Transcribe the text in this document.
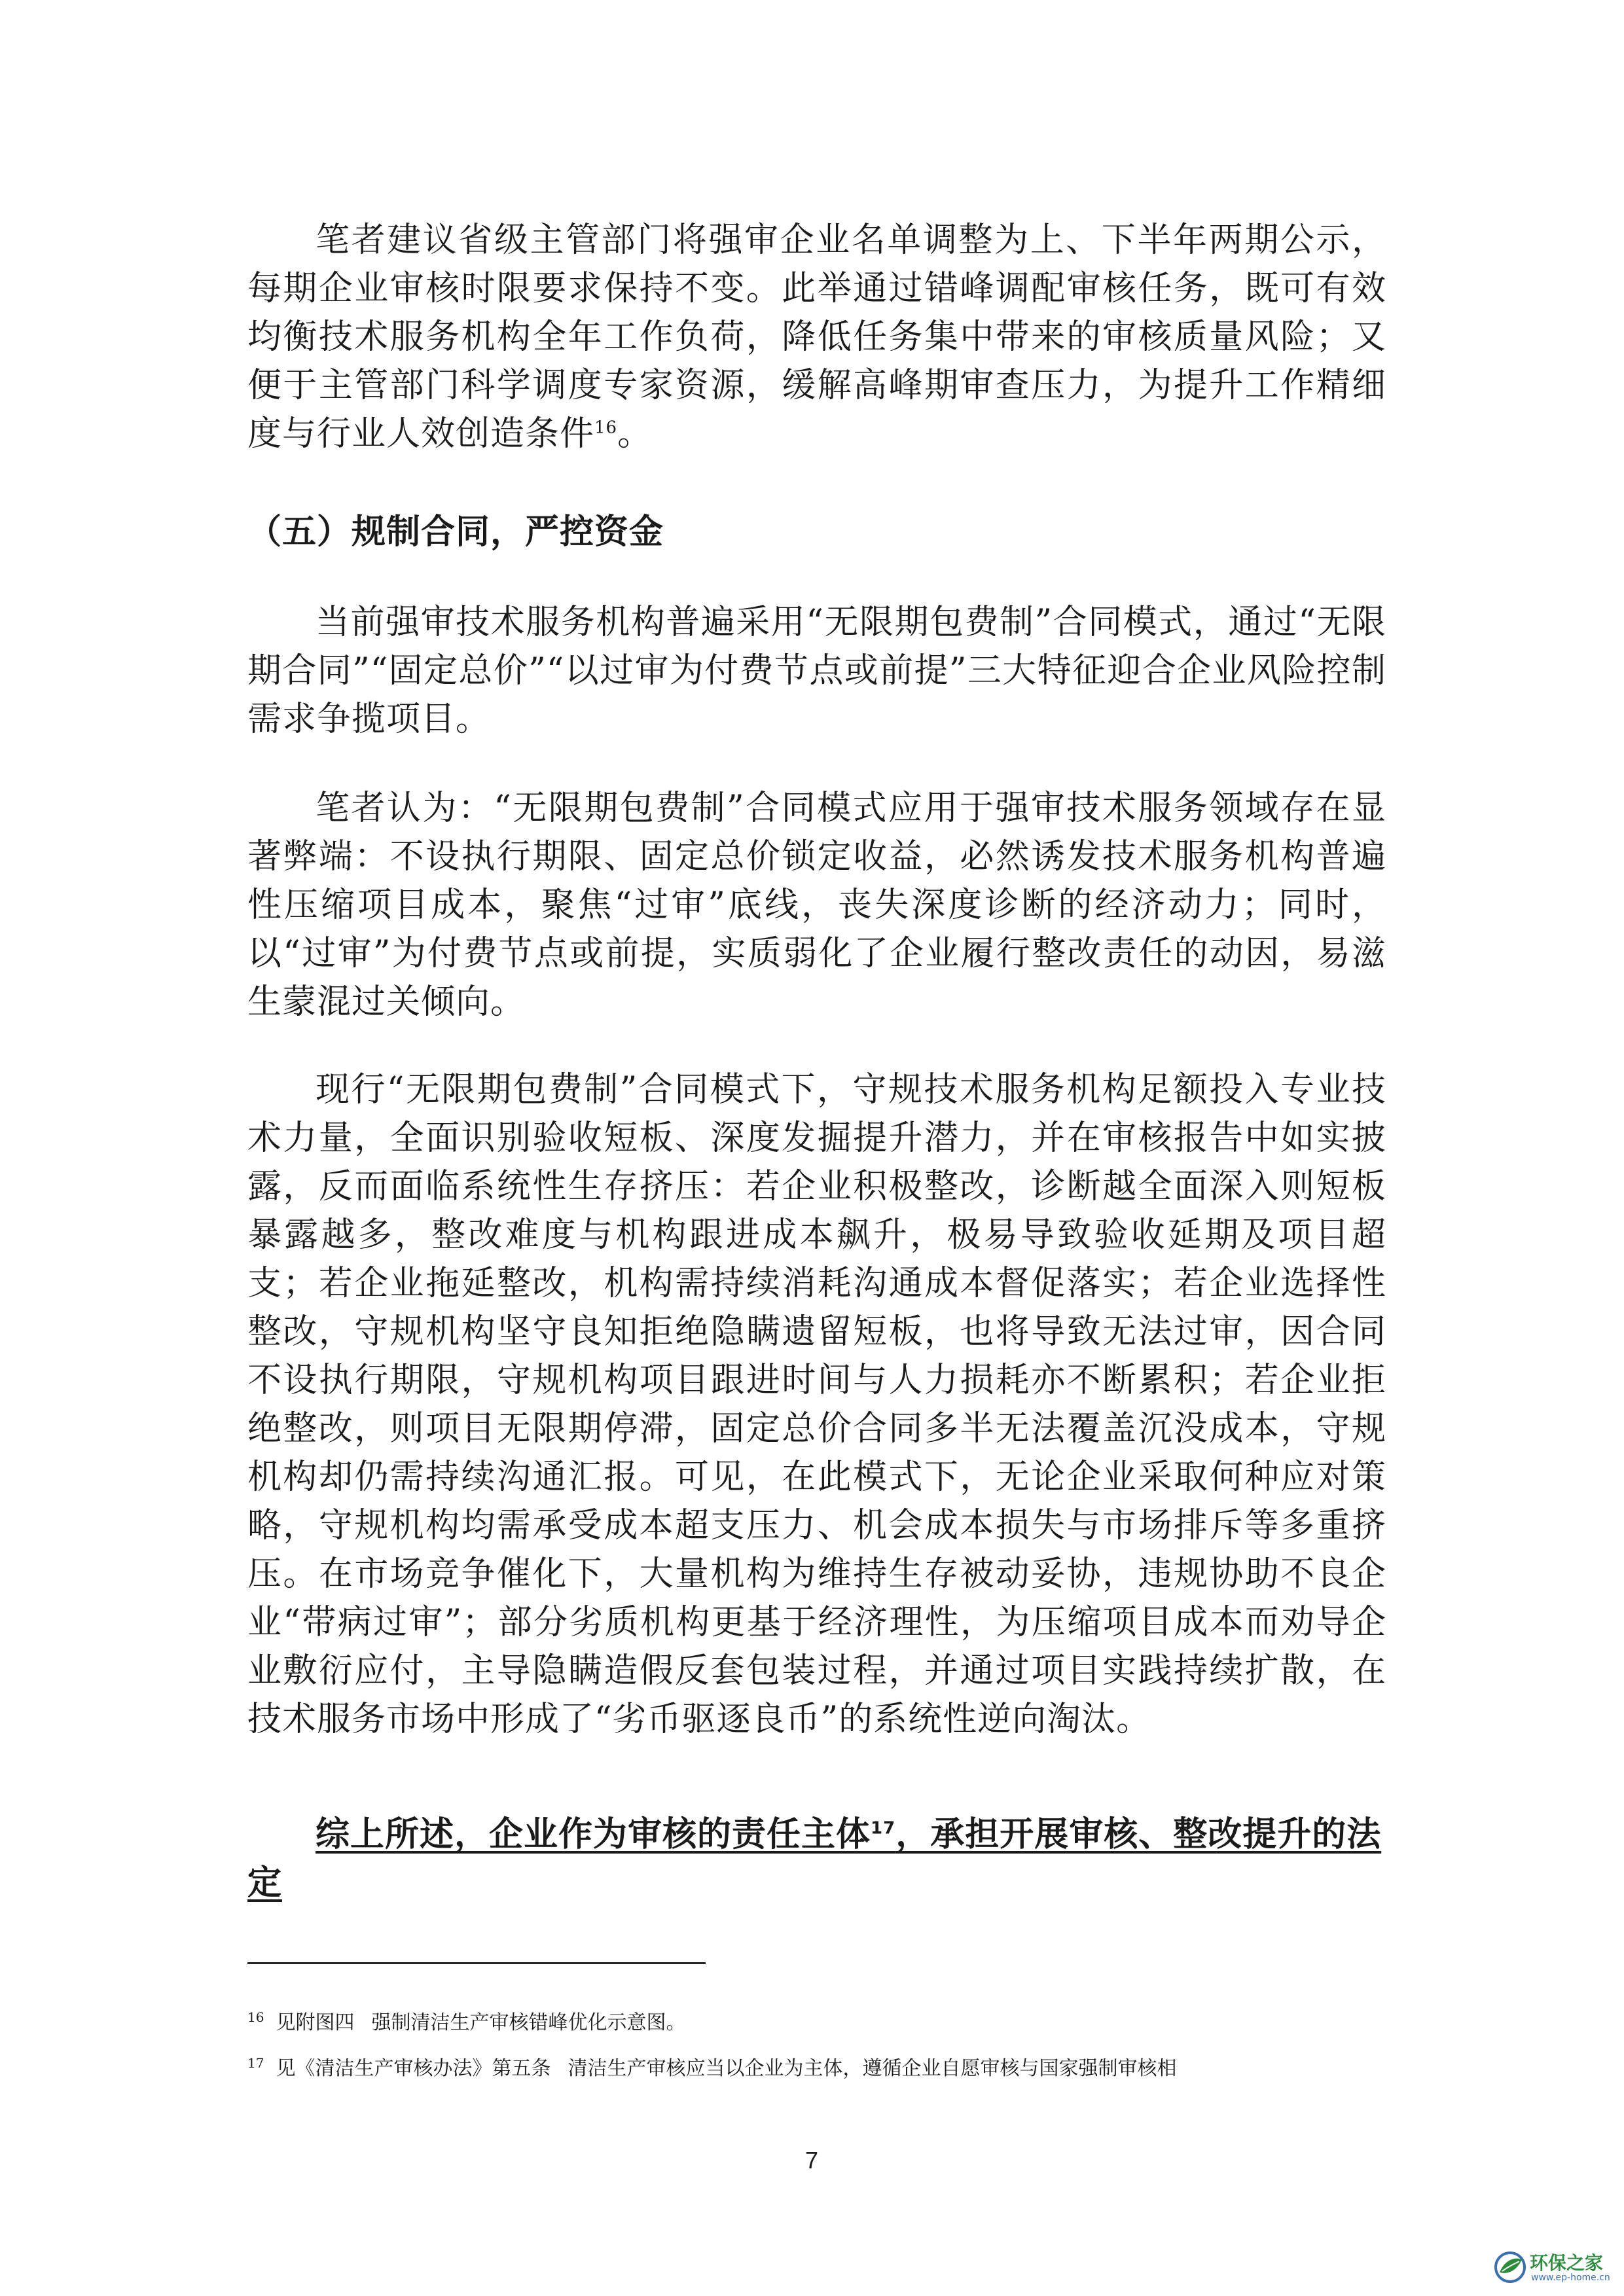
笔者建议省级主管部门将强审企业名单调整为上、下半年两期公示，每期企业审核时限要求保持不变。此举通过错峰调配审核任务，既可有效均衡技术服务机构全年工作负荷，降低任务集中带来的审核质量风险；又便于主管部门科学调度专家资源，缓解高峰期审查压力，为提升工作精细度与行业人效创造条件$^{16}$。

（五）规制合同，严控资金

当前强审技术服务机构普遍采用“无限期包费制”合同模式，通过“无限期合同”“固定总价”“以过审为付费节点或前提”三大特征迎合企业风险控制需求争揽项目。

笔者认为：“无限期包费制”合同模式应用于强审技术服务领域存在显著弊端：不设执行期限、固定总价锁定收益，必然诱发技术服务机构普遍性压缩项目成本，聚焦“过审”底线，丧失深度诊断的经济动力；同时，以“过审”为付费节点或前提，实质弱化了企业履行整改责任的动因，易滋生蒙混过关倾向。

现行“无限期包费制”合同模式下，守规技术服务机构足额投入专业技术力量，全面识别验收短板、深度发掘提升潜力，并在审核报告中如实披露，反而面临系统性生存挤压：若企业积极整改，诊断越全面深入则短板暴露越多，整改难度与机构跟进成本飙升，极易导致验收延期及项目超支；若企业拖延整改，机构需持续消耗沟通成本督促落实；若企业选择性整改，守规机构坚守良知拒绝隐瞒遗留短板，也将导致无法过审，因合同不设执行期限，守规机构项目跟进时间与人力损耗亦不断累积；若企业拒绝整改，则项目无限期停滞，固定总价合同多半无法覆盖沉没成本，守规机构却仍需持续沟通汇报。可见，在此模式下，无论企业采取何种应对策略，守规机构均需承受成本超支压力、机会成本损失与市场排斥等多重挤压。在市场竞争催化下，大量机构为维持生存被动妥协，违规协助不良企业“带病过审”；部分劣质机构更基于经济理性，为压缩项目成本而劝导企业敷衍应付，主导隐瞒造假反套包装过程，并通过项目实践持续扩散，在技术服务市场中形成了“劣币驱逐良币”的系统性逆向淘汰。

综上所述，企业作为审核的责任主体$^{17}$，承担开展审核、整改提升的法定

$^{16}$ 见附图四 强制清洁生产审核错峰优化示意图。

$^{17}$ 见《清洁生产审核办法》第五条 清洁生产审核应当以企业为主体，遵循企业自愿审核与国家强制审核相

7
环保之家
www.ep-home.cn
